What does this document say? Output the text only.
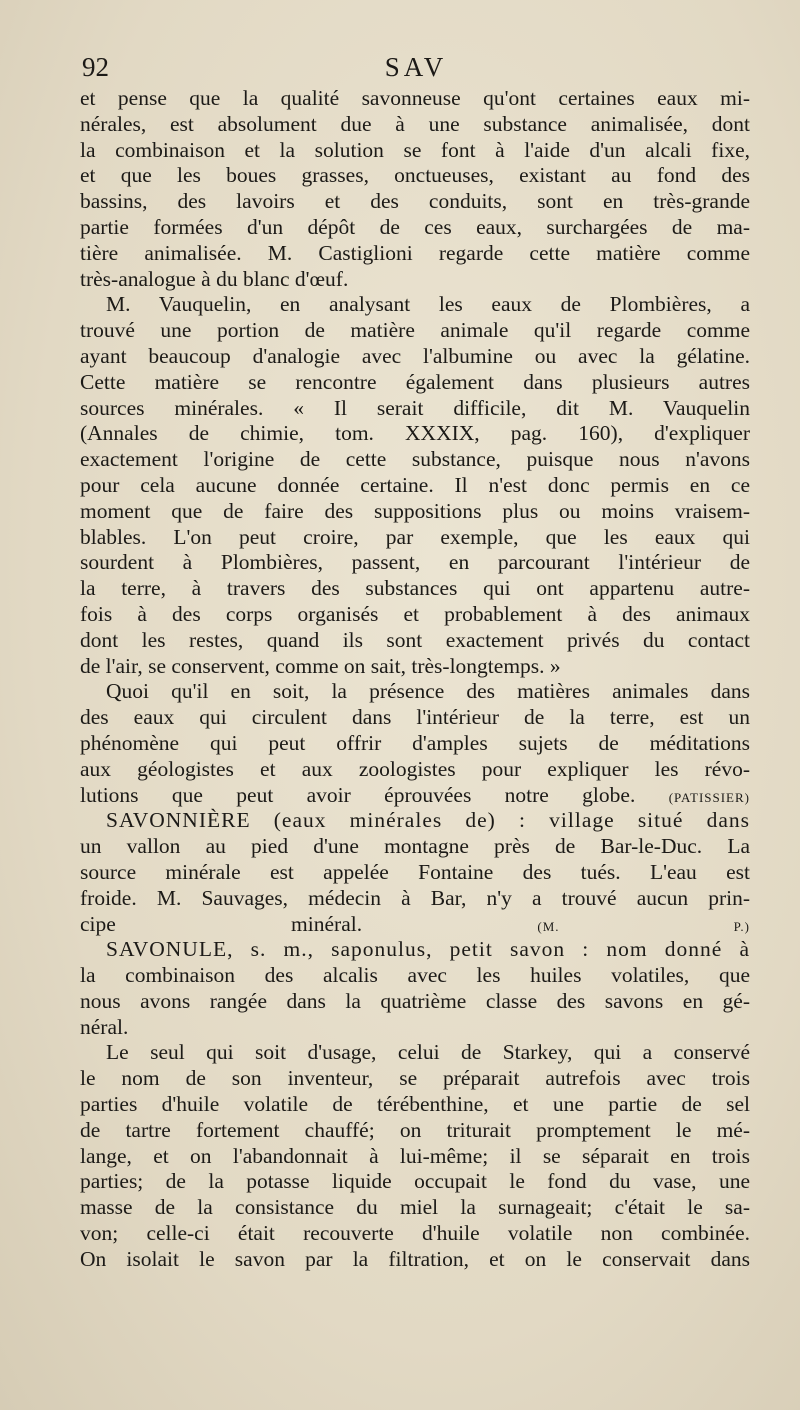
92	SAV
et pense que la qualité savonneuse qu'ont certaines eaux mi-
nérales, est absolument due à une substance animalisée, dont
la combinaison et la solution se font à l'aide d'un alcali fixe,
et que les boues grasses, onctueuses, existant au fond des
bassins, des lavoirs et des conduits, sont en très-grande
partie formées d'un dépôt de ces eaux, surchargées de ma-
tière animalisée. M. Castiglioni regarde cette matière comme
très-analogue à du blanc d'œuf.
M. Vauquelin, en analysant les eaux de Plombières, a
trouvé une portion de matière animale qu'il regarde comme
ayant beaucoup d'analogie avec l'albumine ou avec la gélatine.
Cette matière se rencontre également dans plusieurs autres
sources minérales. « Il serait difficile, dit M. Vauquelin
(Annales de chimie, tom. XXXIX, pag. 160), d'expliquer
exactement l'origine de cette substance, puisque nous n'avons
pour cela aucune donnée certaine. Il n'est donc permis en ce
moment que de faire des suppositions plus ou moins vraisem-
blables. L'on peut croire, par exemple, que les eaux qui
sourdent à Plombières, passent, en parcourant l'intérieur de
la terre, à travers des substances qui ont appartenu autre-
fois à des corps organisés et probablement à des animaux
dont les restes, quand ils sont exactement privés du contact
de l'air, se conservent, comme on sait, très-longtemps. »
Quoi qu'il en soit, la présence des matières animales dans
des eaux qui circulent dans l'intérieur de la terre, est un
phénomène qui peut offrir d'amples sujets de méditations
aux géologistes et aux zoologistes pour expliquer les révo-
lutions que peut avoir éprouvées notre globe.	(PATISSIER)
SAVONNIÈRE (eaux minérales de) : village situé dans
un vallon au pied d'une montagne près de Bar-le-Duc. La
source minérale est appelée Fontaine des tués. L'eau est
froide. M. Sauvages, médecin à Bar, n'y a trouvé aucun prin-
cipe minéral.	(M. P.)
SAVONULE, s. m., saponulus, petit savon : nom donné à
la combinaison des alcalis avec les huiles volatiles, que
nous avons rangée dans la quatrième classe des savons en gé-
néral.
Le seul qui soit d'usage, celui de Starkey, qui a conservé
le nom de son inventeur, se préparait autrefois avec trois
parties d'huile volatile de térébenthine, et une partie de sel
de tartre fortement chauffé; on triturait promptement le mé-
lange, et on l'abandonnait à lui-même; il se séparait en trois
parties; de la potasse liquide occupait le fond du vase, une
masse de la consistance du miel la surnageait; c'était le sa-
von; celle-ci était recouverte d'huile volatile non combinée.
On isolait le savon par la filtration, et on le conservait dans
